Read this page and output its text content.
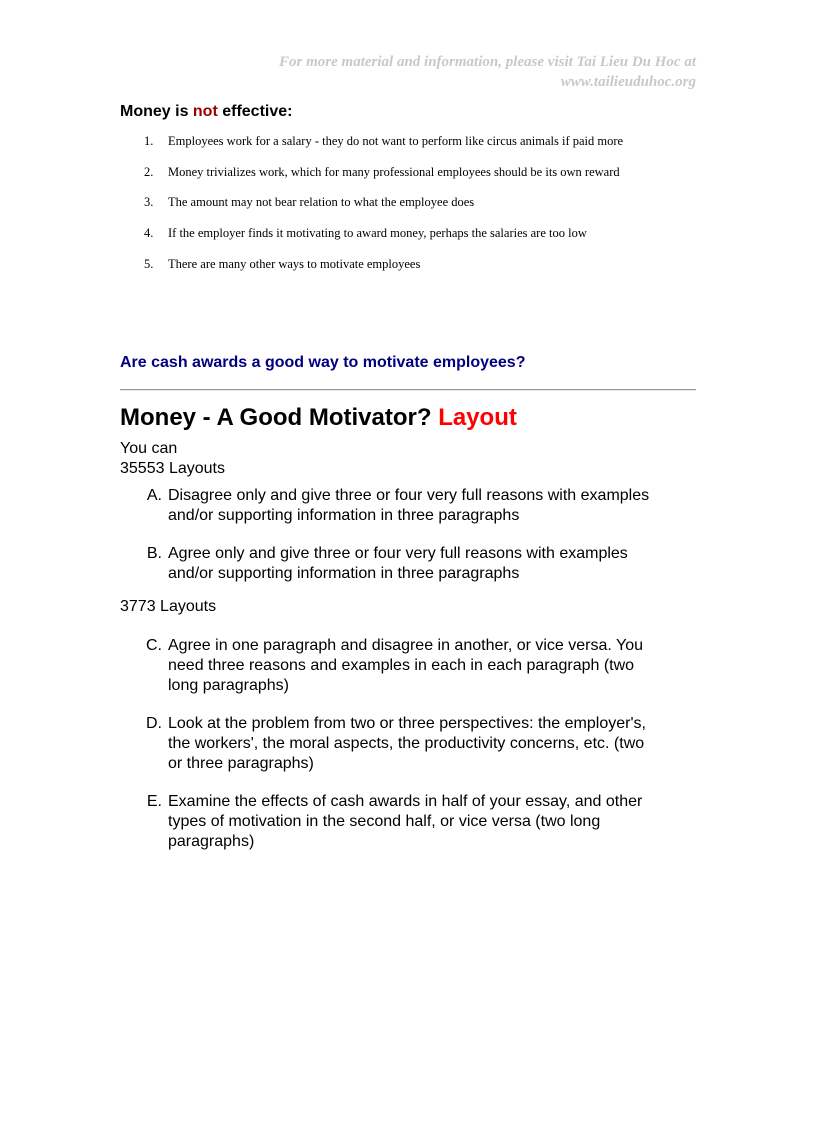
For more material and information, please visit Tai Lieu Du Hoc at
www.tailieuduhoc.org
Money is not effective:
1.	Employees work for a salary - they do not want to perform like circus animals if paid more
2.	Money trivializes work, which for many professional employees should be its own reward
3.	The amount may not bear relation to what the employee does
4.	If the employer finds it motivating to award money, perhaps the salaries are too low
5.	There are many other ways to motivate employees
Are cash awards a good way to motivate employees?
Money - A Good Motivator? Layout
You can
35553 Layouts
A. Disagree only and give three or four very full reasons with examples and/or supporting information in three paragraphs
B. Agree only and give three or four very full reasons with examples and/or supporting information in three paragraphs
3773 Layouts
C. Agree in one paragraph and disagree in another, or vice versa. You need three reasons and examples in each in each paragraph (two long paragraphs)
D. Look at the problem from two or three perspectives: the employer's, the workers', the moral aspects, the productivity concerns, etc. (two or three paragraphs)
E. Examine the effects of cash awards in half of your essay, and other types of motivation in the second half, or vice versa (two long paragraphs)
